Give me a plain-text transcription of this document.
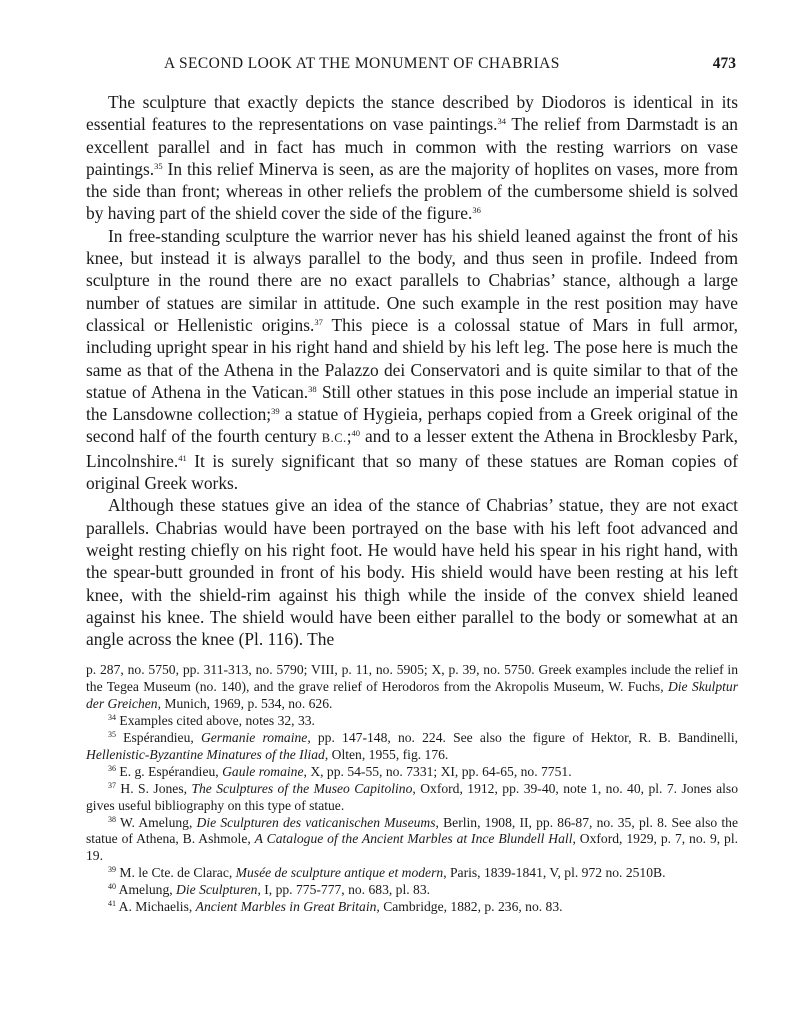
A SECOND LOOK AT THE MONUMENT OF CHABRIAS	473

The sculpture that exactly depicts the stance described by Diodoros is identical in its essential features to the representations on vase paintings.$^{34}$ The relief from Darmstadt is an excellent parallel and in fact has much in common with the resting warriors on vase paintings.$^{35}$ In this relief Minerva is seen, as are the majority of hoplites on vases, more from the side than front; whereas in other reliefs the problem of the cumbersome shield is solved by having part of the shield cover the side of the figure.$^{36}$

In free-standing sculpture the warrior never has his shield leaned against the front of his knee, but instead it is always parallel to the body, and thus seen in profile. Indeed from sculpture in the round there are no exact parallels to Chabrias’ stance, although a large number of statues are similar in attitude. One such example in the rest position may have classical or Hellenistic origins.$^{37}$ This piece is a colossal statue of Mars in full armor, including upright spear in his right hand and shield by his left leg. The pose here is much the same as that of the Athena in the Palazzo dei Conservatori and is quite similar to that of the statue of Athena in the Vatican.$^{38}$ Still other statues in this pose include an imperial statue in the Lansdowne collection;$^{39}$ a statue of Hygieia, perhaps copied from a Greek original of the second half of the fourth century B.C.;$^{40}$ and to a lesser extent the Athena in Brocklesby Park, Lincolnshire.$^{41}$ It is surely significant that so many of these statues are Roman copies of original Greek works.

Although these statues give an idea of the stance of Chabrias’ statue, they are not exact parallels. Chabrias would have been portrayed on the base with his left foot advanced and weight resting chiefly on his right foot. He would have held his spear in his right hand, with the spear-butt grounded in front of his body. His shield would have been resting at his left knee, with the shield-rim against his thigh while the inside of the convex shield leaned against his knee. The shield would have been either parallel to the body or somewhat at an angle across the knee (Pl. 116). The

p. 287, no. 5750, pp. 311-313, no. 5790; VIII, p. 11, no. 5905; X, p. 39, no. 5750. Greek examples include the relief in the Tegea Museum (no. 140), and the grave relief of Herodoros from the Akropolis Museum, W. Fuchs, Die Skulptur der Greichen, Munich, 1969, p. 534, no. 626.

$^{34}$ Examples cited above, notes 32, 33.

$^{35}$ Espérandieu, Germanie romaine, pp. 147-148, no. 224. See also the figure of Hektor, R. B. Bandinelli, Hellenistic-Byzantine Minatures of the Iliad, Olten, 1955, fig. 176.

$^{36}$ E. g. Espérandieu, Gaule romaine, X, pp. 54-55, no. 7331; XI, pp. 64-65, no. 7751.

$^{37}$ H. S. Jones, The Sculptures of the Museo Capitolino, Oxford, 1912, pp. 39-40, note 1, no. 40, pl. 7. Jones also gives useful bibliography on this type of statue.

$^{38}$ W. Amelung, Die Sculpturen des vaticanischen Museums, Berlin, 1908, II, pp. 86-87, no. 35, pl. 8. See also the statue of Athena, B. Ashmole, A Catalogue of the Ancient Marbles at Ince Blundell Hall, Oxford, 1929, p. 7, no. 9, pl. 19.

$^{39}$ M. le Cte. de Clarac, Musée de sculpture antique et modern, Paris, 1839-1841, V, pl. 972 no. 2510B.

$^{40}$ Amelung, Die Sculpturen, I, pp. 775-777, no. 683, pl. 83.

$^{41}$ A. Michaelis, Ancient Marbles in Great Britain, Cambridge, 1882, p. 236, no. 83.
